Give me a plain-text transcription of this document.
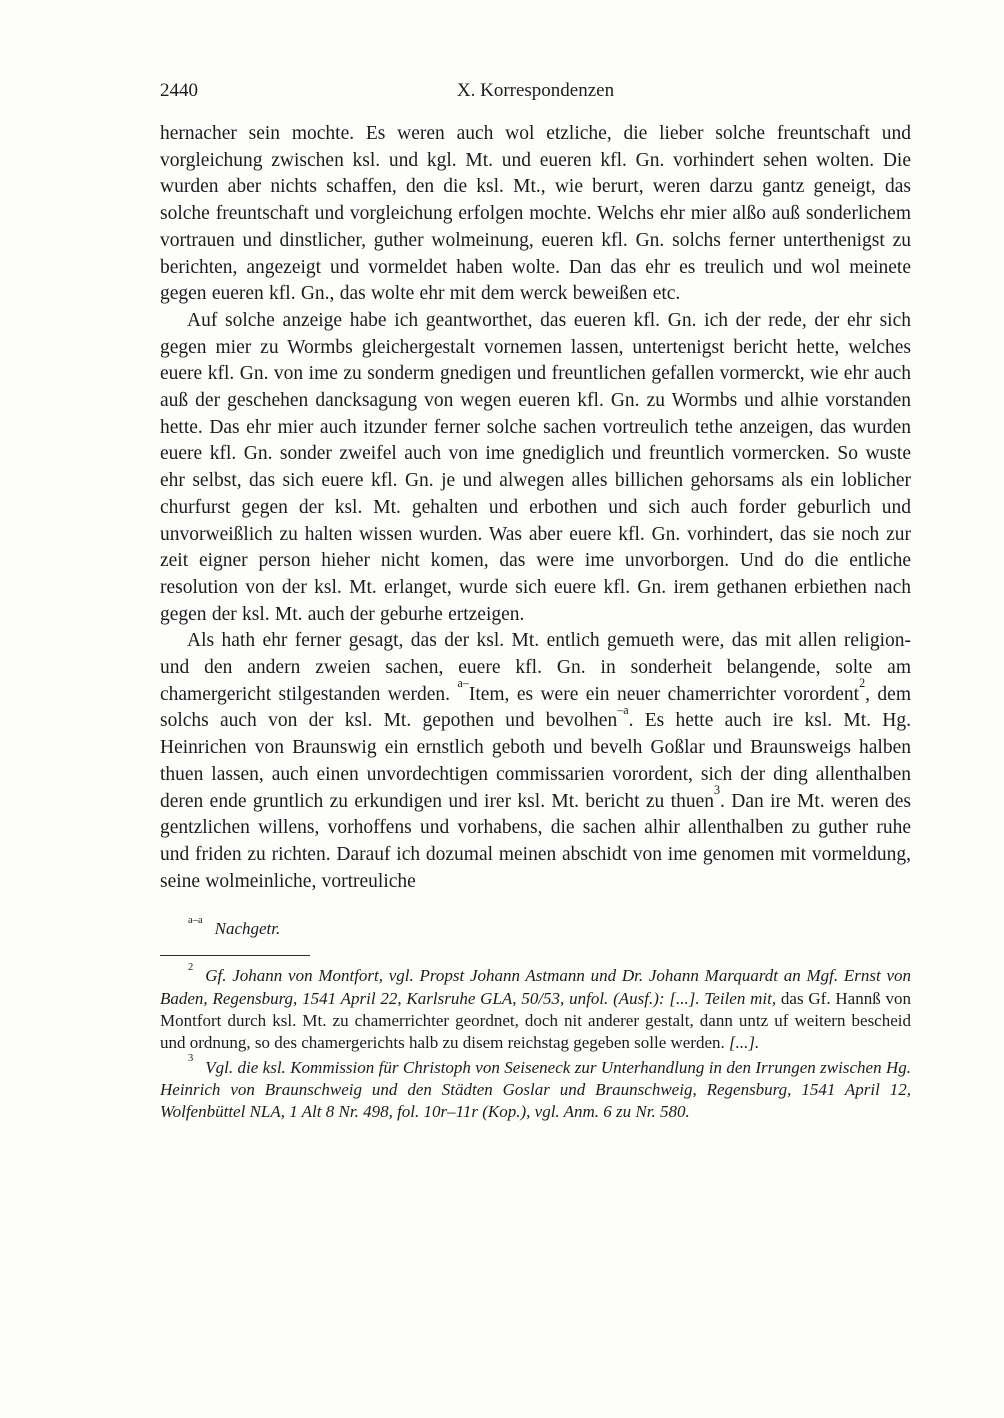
2440	X. Korrespondenzen

hernacher sein mochte. Es weren auch wol etzliche, die lieber solche freuntschaft und vorgleichung zwischen ksl. und kgl. Mt. und eueren kfl. Gn. vorhindert sehen wolten. Die wurden aber nichts schaffen, den die ksl. Mt., wie berurt, weren darzu gantz geneigt, das solche freuntschaft und vorgleichung erfolgen mochte. Welchs ehr mier alßo auß sonderlichem vortrauen und dinstlicher, guther wolmeinung, eueren kfl. Gn. solchs ferner unterthenigst zu berichten, angezeigt und vormeldet haben wolte. Dan das ehr es treulich und wol meinete gegen eueren kfl. Gn., das wolte ehr mit dem werck beweißen etc.

Auf solche anzeige habe ich geantworthet, das eueren kfl. Gn. ich der rede, der ehr sich gegen mier zu Wormbs gleichergestalt vornemen lassen, untertenigst bericht hette, welches euere kfl. Gn. von ime zu sonderm gnedigen und freuntlichen gefallen vormerckt, wie ehr auch auß der geschehen dancksagung von wegen eueren kfl. Gn. zu Wormbs und alhie vorstanden hette. Das ehr mier auch itzunder ferner solche sachen vortreulich tethe anzeigen, das wurden euere kfl. Gn. sonder zweifel auch von ime gnediglich und freuntlich vormercken. So wuste ehr selbst, das sich euere kfl. Gn. je und alwegen alles billichen gehorsams als ein loblicher churfurst gegen der ksl. Mt. gehalten und erbothen und sich auch forder geburlich und unvorweißlich zu halten wissen wurden. Was aber euere kfl. Gn. vorhindert, das sie noch zur zeit eigner person hieher nicht komen, das were ime unvorborgen. Und do die entliche resolution von der ksl. Mt. erlanget, wurde sich euere kfl. Gn. irem gethanen erbiethen nach gegen der ksl. Mt. auch der geburhe ertzeigen.

Als hath ehr ferner gesagt, das der ksl. Mt. entlich gemueth were, das mit allen religion- und den andern zweien sachen, euere kfl. Gn. in sonderheit belangende, solte am chamergericht stilgestanden werden. $^{a-}$Item, es were ein neuer chamerrichter vorordent$^2$, dem solchs auch von der ksl. Mt. gepothen und bevolhen$^{-a}$. Es hette auch ire ksl. Mt. Hg. Heinrichen von Braunswig ein ernstlich geboth und bevelh Goßlar und Braunsweigs halben thuen lassen, auch einen unvordechtigen commissarien vorordent, sich der ding allenthalben deren ende gruntlich zu erkundigen und irer ksl. Mt. bericht zu thuen$^3$. Dan ire Mt. weren des gentzlichen willens, vorhoffens und vorhabens, die sachen alhir allenthalben zu guther ruhe und friden zu richten. Darauf ich dozumal meinen abschidt von ime genomen mit vormeldung, seine wolmeinliche, vortreuliche

$^{a-a}$ Nachgetr.

$^2$ Gf. Johann von Montfort, vgl. Propst Johann Astmann und Dr. Johann Marquardt an Mgf. Ernst von Baden, Regensburg, 1541 April 22, Karlsruhe GLA, 50/53, unfol. (Ausf.): [...]. Teilen mit, das Gf. Hannß von Montfort durch ksl. Mt. zu chamerrichter geordnet, doch nit anderer gestalt, dann untz uf weitern bescheid und ordnung, so des chamergerichts halb zu disem reichstag gegeben solle werden. [...].

$^3$ Vgl. die ksl. Kommission für Christoph von Seiseneck zur Unterhandlung in den Irrungen zwischen Hg. Heinrich von Braunschweig und den Städten Goslar und Braunschweig, Regensburg, 1541 April 12, Wolfenbüttel NLA, 1 Alt 8 Nr. 498, fol. 10r–11r (Kop.), vgl. Anm. 6 zu Nr. 580.
